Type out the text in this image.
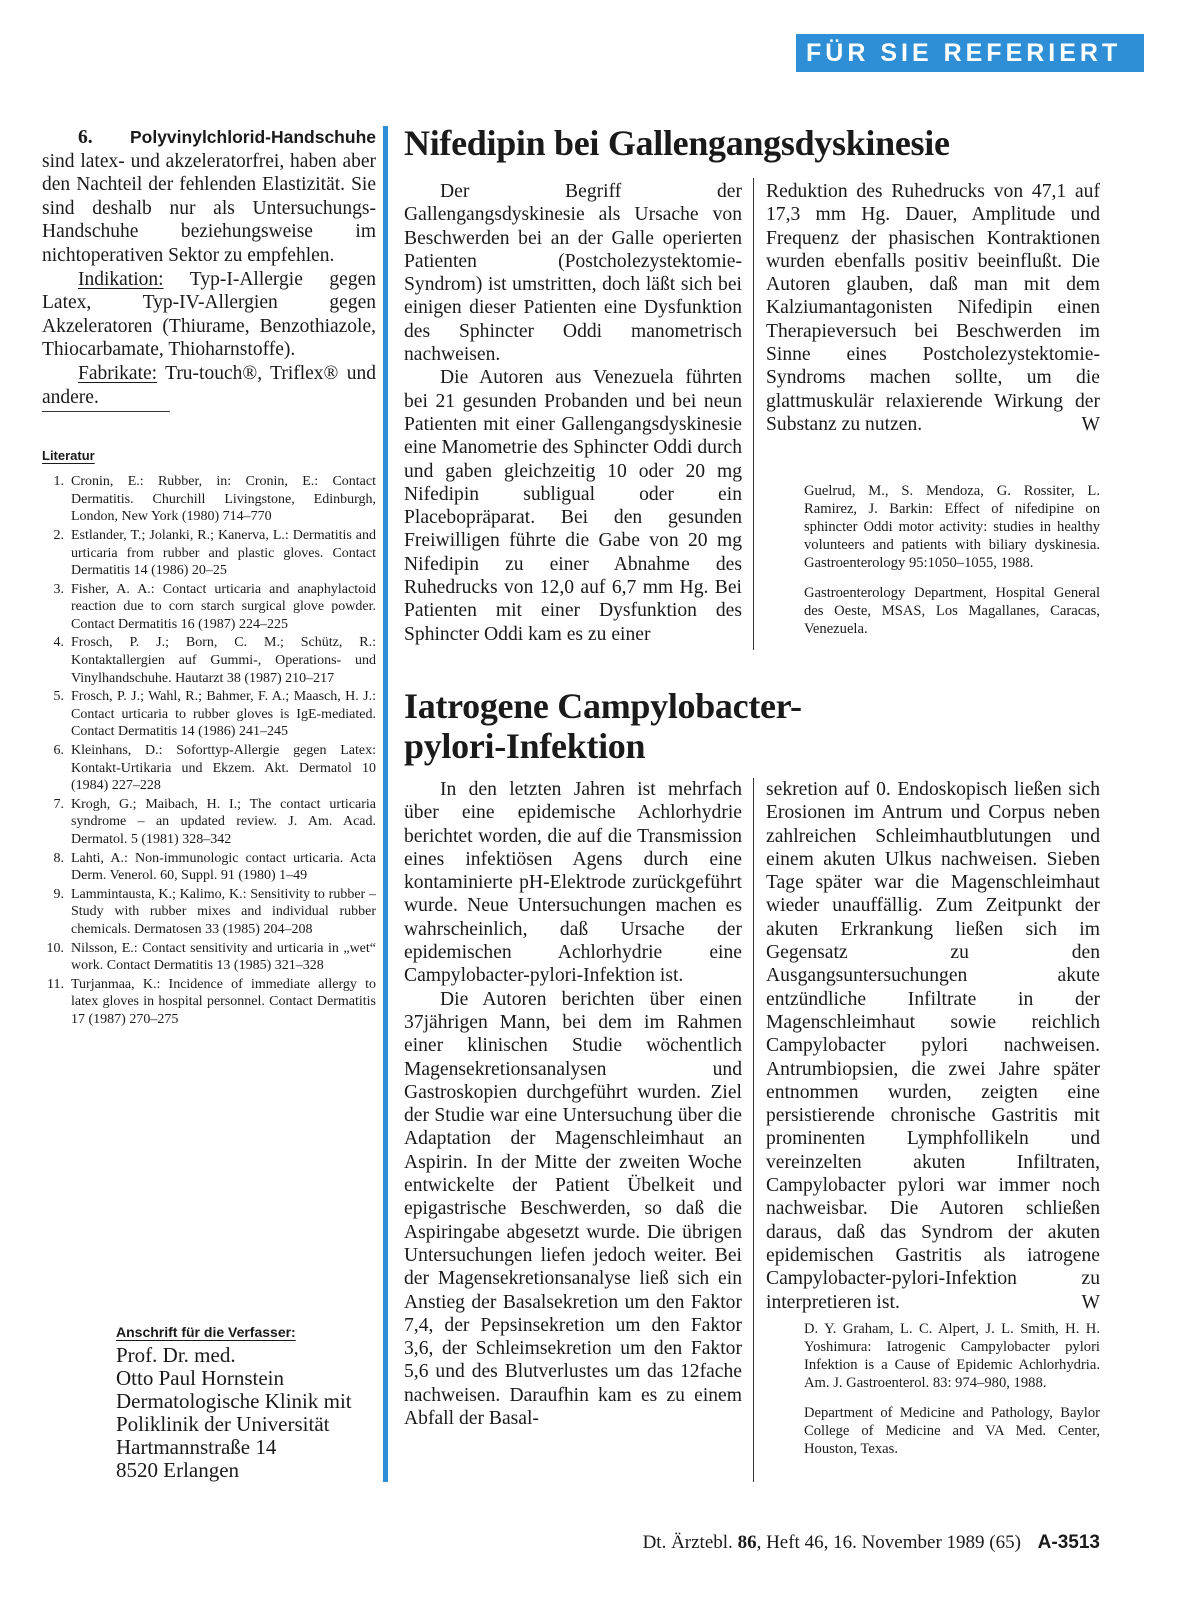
FÜR SIE REFERIERT

6. Polyvinylchlorid-Handschuhe sind latex- und akzeleratorfrei, haben aber den Nachteil der fehlenden Elastizität. Sie sind deshalb nur als Untersuchungs-Handschuhe beziehungsweise im nichtoperativen Sektor zu empfehlen.

Indikation: Typ-I-Allergie gegen Latex, Typ-IV-Allergien gegen Akzeleratoren (Thiurame, Benzothiazole, Thiocarbamate, Thioharnstoffe).

Fabrikate: Tru-touch®, Triflex® und andere.

Literatur
1. Cronin, E.: Rubber, in: Cronin, E.: Contact Dermatitis. Churchill Livingstone, Edinburgh, London, New York (1980) 714–770
2. Estlander, T.; Jolanki, R.; Kanerva, L.: Dermatitis and urticaria from rubber and plastic gloves. Contact Dermatitis 14 (1986) 20–25
3. Fisher, A. A.: Contact urticaria and anaphylactoid reaction due to corn starch surgical glove powder. Contact Dermatitis 16 (1987) 224–225
4. Frosch, P. J.; Born, C. M.; Schütz, R.: Kontaktallergien auf Gummi-, Operations- und Vinylhandschuhe. Hautarzt 38 (1987) 210–217
5. Frosch, P. J.; Wahl, R.; Bahmer, F. A.; Maasch, H. J.: Contact urticaria to rubber gloves is IgE-mediated. Contact Dermatitis 14 (1986) 241–245
6. Kleinhans, D.: Soforttyp-Allergie gegen Latex: Kontakt-Urtikaria und Ekzem. Akt. Dermatol 10 (1984) 227–228
7. Krogh, G.; Maibach, H. I.; The contact urticaria syndrome – an updated review. J. Am. Acad. Dermatol. 5 (1981) 328–342
8. Lahti, A.: Non-immunologic contact urticaria. Acta Derm. Venerol. 60, Suppl. 91 (1980) 1–49
9. Lammintausta, K.; Kalimo, K.: Sensitivity to rubber – Study with rubber mixes and individual rubber chemicals. Dermatosen 33 (1985) 204–208
10. Nilsson, E.: Contact sensitivity and urticaria in „wet“ work. Contact Dermatitis 13 (1985) 321–328
11. Turjanmaa, K.: Incidence of immediate allergy to latex gloves in hospital personnel. Contact Dermatitis 17 (1987) 270–275
Anschrift für die Verfasser:
Prof. Dr. med.
Otto Paul Hornstein
Dermatologische Klinik mit
Poliklinik der Universität
Hartmannstraße 14
8520 Erlangen
Nifedipin bei Gallengangsdyskinesie

Der Begriff der Gallengangsdyskinesie als Ursache von Beschwerden bei an der Galle operierten Patienten (Postcholezystektomie-Syndrom) ist umstritten, doch läßt sich bei einigen dieser Patienten eine Dysfunktion des Sphincter Oddi manometrisch nachweisen.

Die Autoren aus Venezuela führten bei 21 gesunden Probanden und bei neun Patienten mit einer Gallengangsdyskinesie eine Manometrie des Sphincter Oddi durch und gaben gleichzeitig 10 oder 20 mg Nifedipin subligual oder ein Placebopräparat. Bei den gesunden Freiwilligen führte die Gabe von 20 mg Nifedipin zu einer Abnahme des Ruhedrucks von 12,0 auf 6,7 mm Hg. Bei Patienten mit einer Dysfunktion des Sphincter Oddi kam es zu einer

Reduktion des Ruhedrucks von 47,1 auf 17,3 mm Hg. Dauer, Amplitude und Frequenz der phasischen Kontraktionen wurden ebenfalls positiv beeinflußt. Die Autoren glauben, daß man mit dem Kalziumantagonisten Nifedipin einen Therapieversuch bei Beschwerden im Sinne eines Postcholezystektomie-Syndroms machen sollte, um die glattmuskulär relaxierende Wirkung der Substanz zu nutzen.	W

Guelrud, M., S. Mendoza, G. Rossiter, L. Ramirez, J. Barkin: Effect of nifedipine on sphincter Oddi motor activity: studies in healthy volunteers and patients with biliary dyskinesia. Gastroenterology 95:1050–1055, 1988.

Gastroenterology Department, Hospital General des Oeste, MSAS, Los Magallanes, Caracas, Venezuela.

Iatrogene Campylobacter-
pylori-Infektion

In den letzten Jahren ist mehrfach über eine epidemische Achlorhydrie berichtet worden, die auf die Transmission eines infektiösen Agens durch eine kontaminierte pH-Elektrode zurückgeführt wurde. Neue Untersuchungen machen es wahrscheinlich, daß Ursache der epidemischen Achlorhydrie eine Campylobacter-pylori-Infektion ist.

Die Autoren berichten über einen 37jährigen Mann, bei dem im Rahmen einer klinischen Studie wöchentlich Magensekretionsanalysen und Gastroskopien durchgeführt wurden. Ziel der Studie war eine Untersuchung über die Adaptation der Magenschleimhaut an Aspirin. In der Mitte der zweiten Woche entwickelte der Patient Übelkeit und epigastrische Beschwerden, so daß die Aspiringabe abgesetzt wurde. Die übrigen Untersuchungen liefen jedoch weiter. Bei der Magensekretionsanalyse ließ sich ein Anstieg der Basalsekretion um den Faktor 7,4, der Pepsinsekretion um den Faktor 3,6, der Schleimsekretion um den Faktor 5,6 und des Blutverlustes um das 12fache nachweisen. Daraufhin kam es zu einem Abfall der Basal-

sekretion auf 0. Endoskopisch ließen sich Erosionen im Antrum und Corpus neben zahlreichen Schleimhautblutungen und einem akuten Ulkus nachweisen. Sieben Tage später war die Magenschleimhaut wieder unauffällig. Zum Zeitpunkt der akuten Erkrankung ließen sich im Gegensatz zu den Ausgangsuntersuchungen akute entzündliche Infiltrate in der Magenschleimhaut sowie reichlich Campylobacter pylori nachweisen. Antrumbiopsien, die zwei Jahre später entnommen wurden, zeigten eine persistierende chronische Gastritis mit prominenten Lymphfollikeln und vereinzelten akuten Infiltraten, Campylobacter pylori war immer noch nachweisbar. Die Autoren schließen daraus, daß das Syndrom der akuten epidemischen Gastritis als iatrogene Campylobacter-pylori-Infektion zu interpretieren ist.	W

D. Y. Graham, L. C. Alpert, J. L. Smith, H. H. Yoshimura: Iatrogenic Campylobacter pylori Infektion is a Cause of Epidemic Achlorhydria. Am. J. Gastroenterol. 83: 974–980, 1988.

Department of Medicine and Pathology, Baylor College of Medicine and VA Med. Center, Houston, Texas.

Dt. Ärztebl. 86, Heft 46, 16. November 1989 (65) A-3513
